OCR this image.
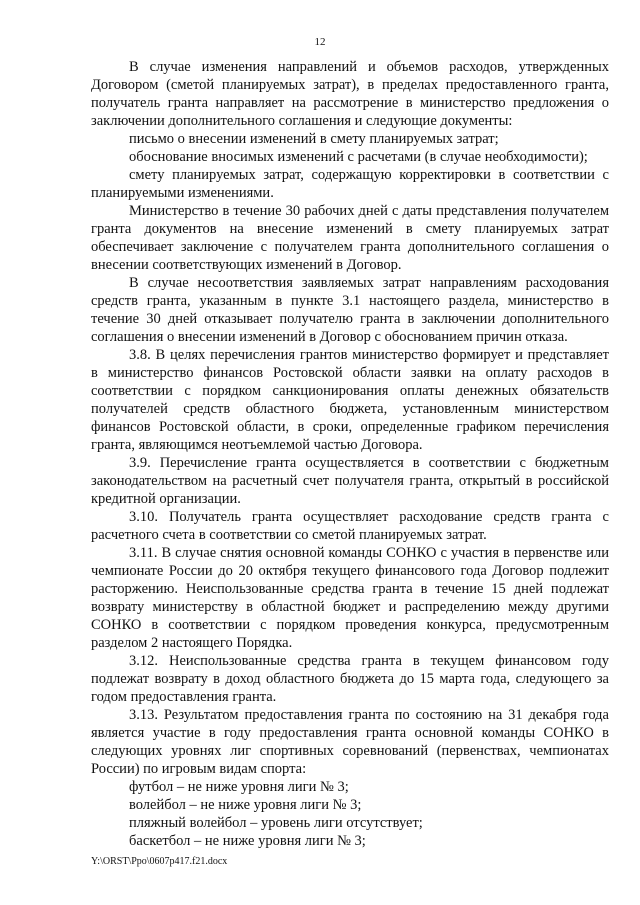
12

В случае изменения направлений и объемов расходов, утвержденных Договором (сметой планируемых затрат), в пределах предоставленного гранта, получатель гранта направляет на рассмотрение в министерство предложения о заключении дополнительного соглашения и следующие документы:

письмо о внесении изменений в смету планируемых затрат;

обоснование вносимых изменений с расчетами (в случае необходимости);

смету планируемых затрат, содержащую корректировки в соответствии с планируемыми изменениями.

Министерство в течение 30 рабочих дней с даты представления получателем гранта документов на внесение изменений в смету планируемых затрат обеспечивает заключение с получателем гранта дополнительного соглашения о внесении соответствующих изменений в Договор.

В случае несоответствия заявляемых затрат направлениям расходования средств гранта, указанным в пункте 3.1 настоящего раздела, министерство в течение 30 дней отказывает получателю гранта в заключении дополнительного соглашения о внесении изменений в Договор с обоснованием причин отказа.

3.8. В целях перечисления грантов министерство формирует и представляет в министерство финансов Ростовской области заявки на оплату расходов в соответствии с порядком санкционирования оплаты денежных обязательств получателей средств областного бюджета, установленным министерством финансов Ростовской области, в сроки, определенные графиком перечисления гранта, являющимся неотъемлемой частью Договора.

3.9. Перечисление гранта осуществляется в соответствии с бюджетным законодательством на расчетный счет получателя гранта, открытый в российской кредитной организации.

3.10. Получатель гранта осуществляет расходование средств гранта с расчетного счета в соответствии со сметой планируемых затрат.

3.11. В случае снятия основной команды СОНКО с участия в первенстве или чемпионате России до 20 октября текущего финансового года Договор подлежит расторжению. Неиспользованные средства гранта в течение 15 дней подлежат возврату министерству в областной бюджет и распределению между другими СОНКО в соответствии с порядком проведения конкурса, предусмотренным разделом 2 настоящего Порядка.

3.12. Неиспользованные средства гранта в текущем финансовом году подлежат возврату в доход областного бюджета до 15 марта года, следующего за годом предоставления гранта.

3.13. Результатом предоставления гранта по состоянию на 31 декабря года является участие в году предоставления гранта основной команды СОНКО в следующих уровнях лиг спортивных соревнований (первенствах, чемпионатах России) по игровым видам спорта:

футбол – не ниже уровня лиги № 3;

волейбол – не ниже уровня лиги № 3;

пляжный волейбол – уровень лиги отсутствует;

баскетбол – не ниже уровня лиги № 3;

Y:\ORST\Ppo\0607p417.f21.docx
